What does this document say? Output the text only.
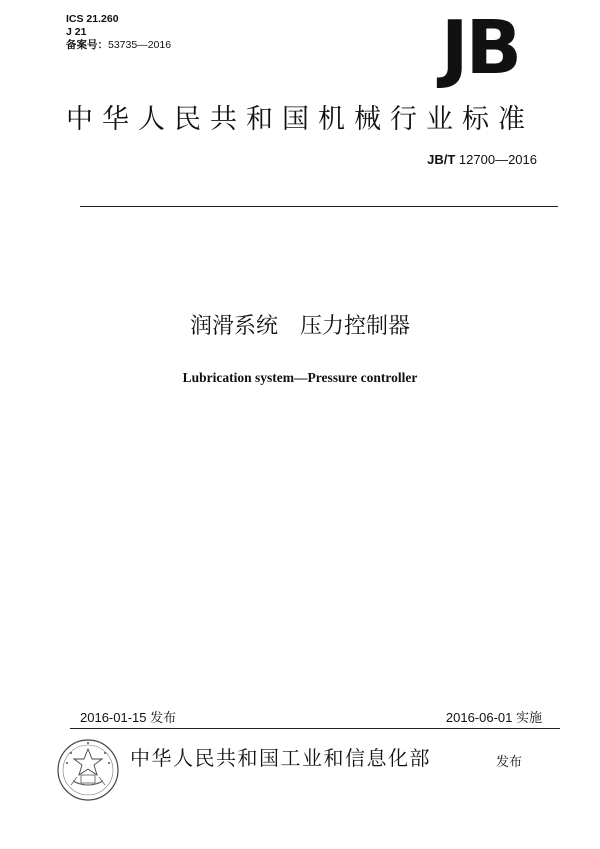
ICS 21.260
J 21
备案号：53735—2016	JB
中华人民共和国机械行业标准
JB/T 12700—2016
润滑系统　压力控制器
Lubrication system—Pressure controller
2016-01-15 发布	2016-06-01 实施
中华人民共和国工业和信息化部	发布
